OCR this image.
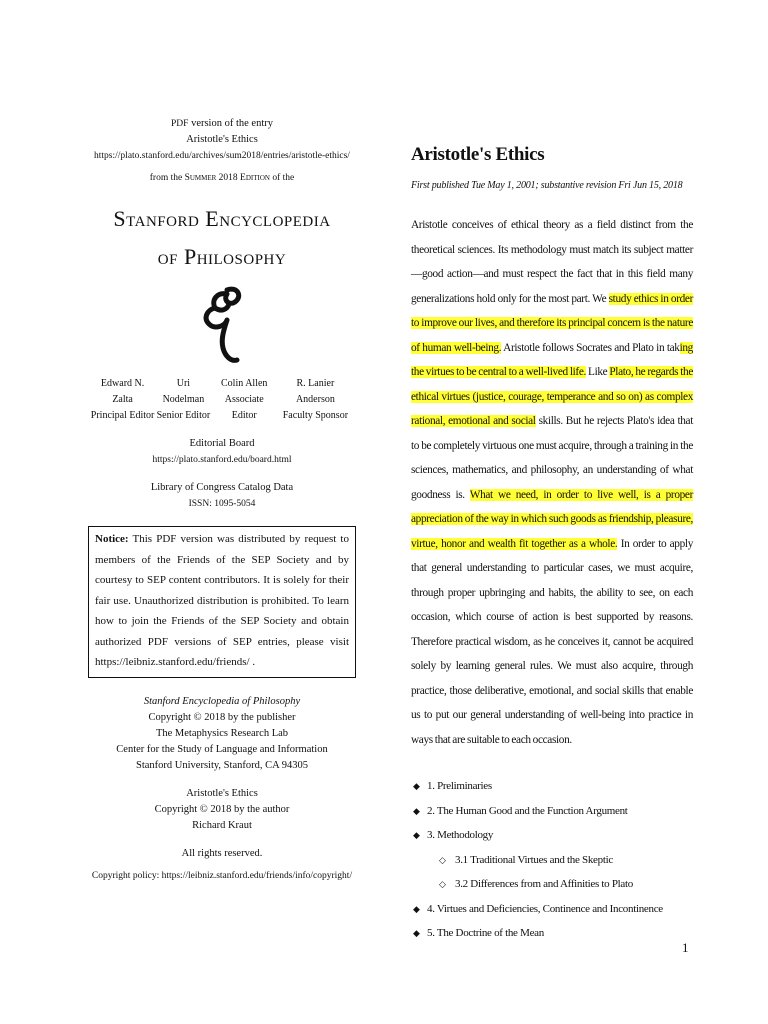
PDF version of the entry
Aristotle's Ethics
https://plato.stanford.edu/archives/sum2018/entries/aristotle-ethics/
from the Summer 2018 Edition of the
Stanford Encyclopedia
of Philosophy
Edward N. Zalta
Principal Editor
Uri Nodelman
Senior Editor
Colin Allen
Associate Editor
R. Lanier Anderson
Faculty Sponsor
Editorial Board
https://plato.stanford.edu/board.html
Library of Congress Catalog Data
ISSN: 1095-5054
Notice: This PDF version was distributed by request to members of the Friends of the SEP Society and by courtesy to SEP content contributors. It is solely for their fair use. Unauthorized distribution is prohibited. To learn how to join the Friends of the SEP Society and obtain authorized PDF versions of SEP entries, please visit https://leibniz.stanford.edu/friends/ .
Stanford Encyclopedia of Philosophy
Copyright © 2018 by the publisher
The Metaphysics Research Lab
Center for the Study of Language and Information
Stanford University, Stanford, CA 94305
Aristotle's Ethics
Copyright © 2018 by the author
Richard Kraut
All rights reserved.
Copyright policy: https://leibniz.stanford.edu/friends/info/copyright/
Aristotle's Ethics
First published Tue May 1, 2001; substantive revision Fri Jun 15, 2018
Aristotle conceives of ethical theory as a field distinct from the theoretical sciences. Its methodology must match its subject matter—good action—and must respect the fact that in this field many generalizations hold only for the most part. We study ethics in order to improve our lives, and therefore its principal concern is the nature of human well-being. Aristotle follows Socrates and Plato in taking the virtues to be central to a well-lived life. Like Plato, he regards the ethical virtues (justice, courage, temperance and so on) as complex rational, emotional and social skills. But he rejects Plato's idea that to be completely virtuous one must acquire, through a training in the sciences, mathematics, and philosophy, an understanding of what goodness is. What we need, in order to live well, is a proper appreciation of the way in which such goods as friendship, pleasure, virtue, honor and wealth fit together as a whole. In order to apply that general understanding to particular cases, we must acquire, through proper upbringing and habits, the ability to see, on each occasion, which course of action is best supported by reasons. Therefore practical wisdom, as he conceives it, cannot be acquired solely by learning general rules. We must also acquire, through practice, those deliberative, emotional, and social skills that enable us to put our general understanding of well-being into practice in ways that are suitable to each occasion.
◆ 1. Preliminaries
◆ 2. The Human Good and the Function Argument
◆ 3. Methodology
◇ 3.1 Traditional Virtues and the Skeptic
◇ 3.2 Differences from and Affinities to Plato
◆ 4. Virtues and Deficiencies, Continence and Incontinence
◆ 5. The Doctrine of the Mean
1
